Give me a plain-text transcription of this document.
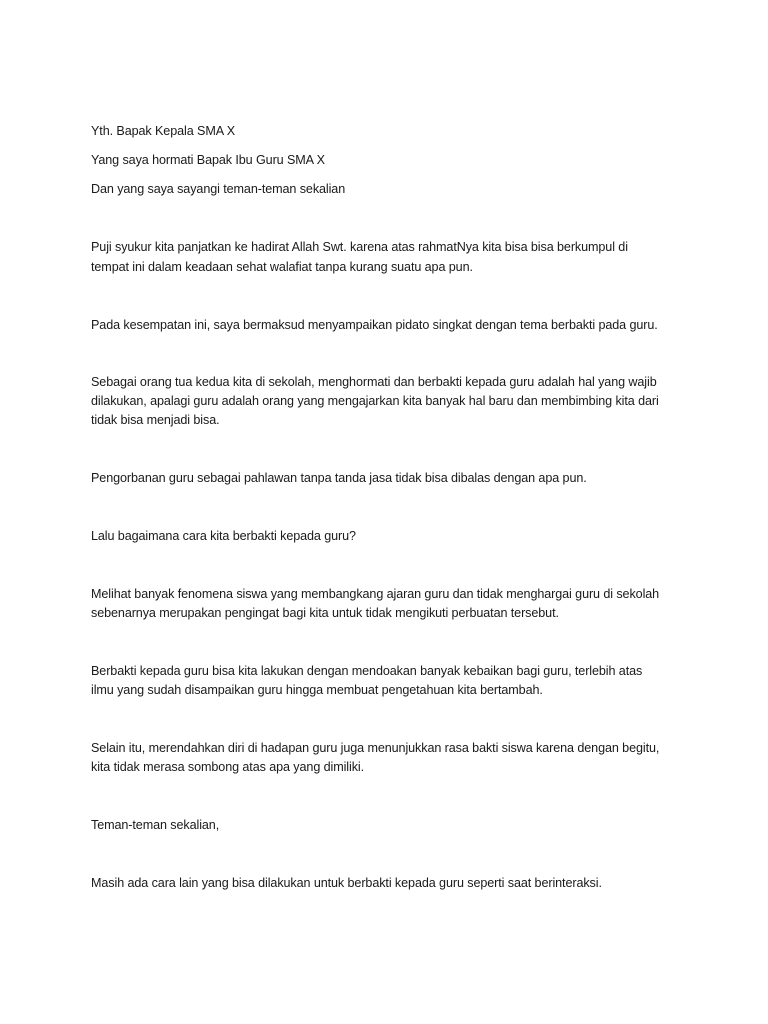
Yth. Bapak Kepala SMA X
Yang saya hormati Bapak Ibu Guru SMA X
Dan yang saya sayangi teman-teman sekalian
Puji syukur kita panjatkan ke hadirat Allah Swt. karena atas rahmatNya kita bisa bisa berkumpul di
tempat ini dalam keadaan sehat walafiat tanpa kurang suatu apa pun.
Pada kesempatan ini, saya bermaksud menyampaikan pidato singkat dengan tema berbakti pada guru.
Sebagai orang tua kedua kita di sekolah, menghormati dan berbakti kepada guru adalah hal yang wajib
dilakukan, apalagi guru adalah orang yang mengajarkan kita banyak hal baru dan membimbing kita dari
tidak bisa menjadi bisa.
Pengorbanan guru sebagai pahlawan tanpa tanda jasa tidak bisa dibalas dengan apa pun.
Lalu bagaimana cara kita berbakti kepada guru?
Melihat banyak fenomena siswa yang membangkang ajaran guru dan tidak menghargai guru di sekolah
sebenarnya merupakan pengingat bagi kita untuk tidak mengikuti perbuatan tersebut.
Berbakti kepada guru bisa kita lakukan dengan mendoakan banyak kebaikan bagi guru, terlebih atas
ilmu yang sudah disampaikan guru hingga membuat pengetahuan kita bertambah.
Selain itu, merendahkan diri di hadapan guru juga menunjukkan rasa bakti siswa karena dengan begitu,
kita tidak merasa sombong atas apa yang dimiliki.
Teman-teman sekalian,
Masih ada cara lain yang bisa dilakukan untuk berbakti kepada guru seperti saat berinteraksi.
